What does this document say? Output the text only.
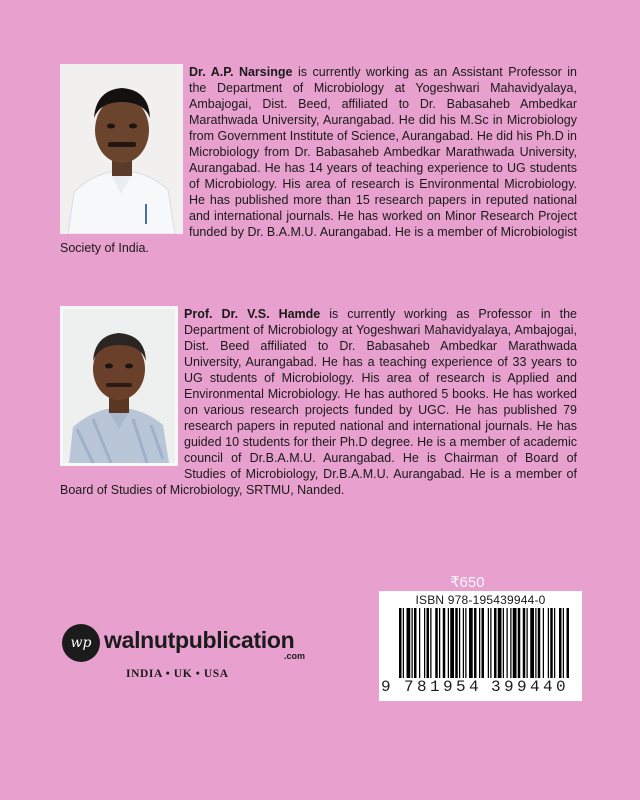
Dr. A.P. Narsinge is currently working as an Assistant Professor in the Department of Microbiology at Yogeshwari Mahavidyalaya, Ambajogai, Dist. Beed, affiliated to Dr. Babasaheb Ambedkar Marathwada University, Aurangabad. He did his M.Sc in Microbiology from Government Institute of Science, Aurangabad. He did his Ph.D in Microbiology from Dr. Babasaheb Ambedkar Marathwada University, Aurangabad. He has 14 years of teaching experience to UG students of Microbiology. His area of research is Environmental Microbiology. He has published more than 15 research papers in reputed national and international journals. He has worked on Minor Research Project funded by Dr. B.A.M.U. Aurangabad. He is a member of Microbiologist Society of India.
Prof. Dr. V.S. Hamde is currently working as Professor in the Department of Microbiology at Yogeshwari Mahavidyalaya, Ambajogai, Dist. Beed affiliated to Dr. Babasaheb Ambedkar Marathwada University, Aurangabad. He has a teaching experience of 33 years to UG students of Microbiology. His area of research is Applied and Environmental Microbiology. He has authored 5 books. He has worked on various research projects funded by UGC. He has published 79 research papers in reputed national and international journals. He has guided 10 students for their Ph.D degree. He is a member of academic council of Dr.B.A.M.U. Aurangabad. He is Chairman of Board of Studies of Microbiology, Dr.B.A.M.U. Aurangabad. He is a member of Board of Studies of Microbiology, SRTMU, Nanded.
₹650
ISBN 978-195439944-0
9 7 8 1 9 5 4 3 9 9 4 4 0
wp walnutpublication
.com
INDIA • UK • USA
